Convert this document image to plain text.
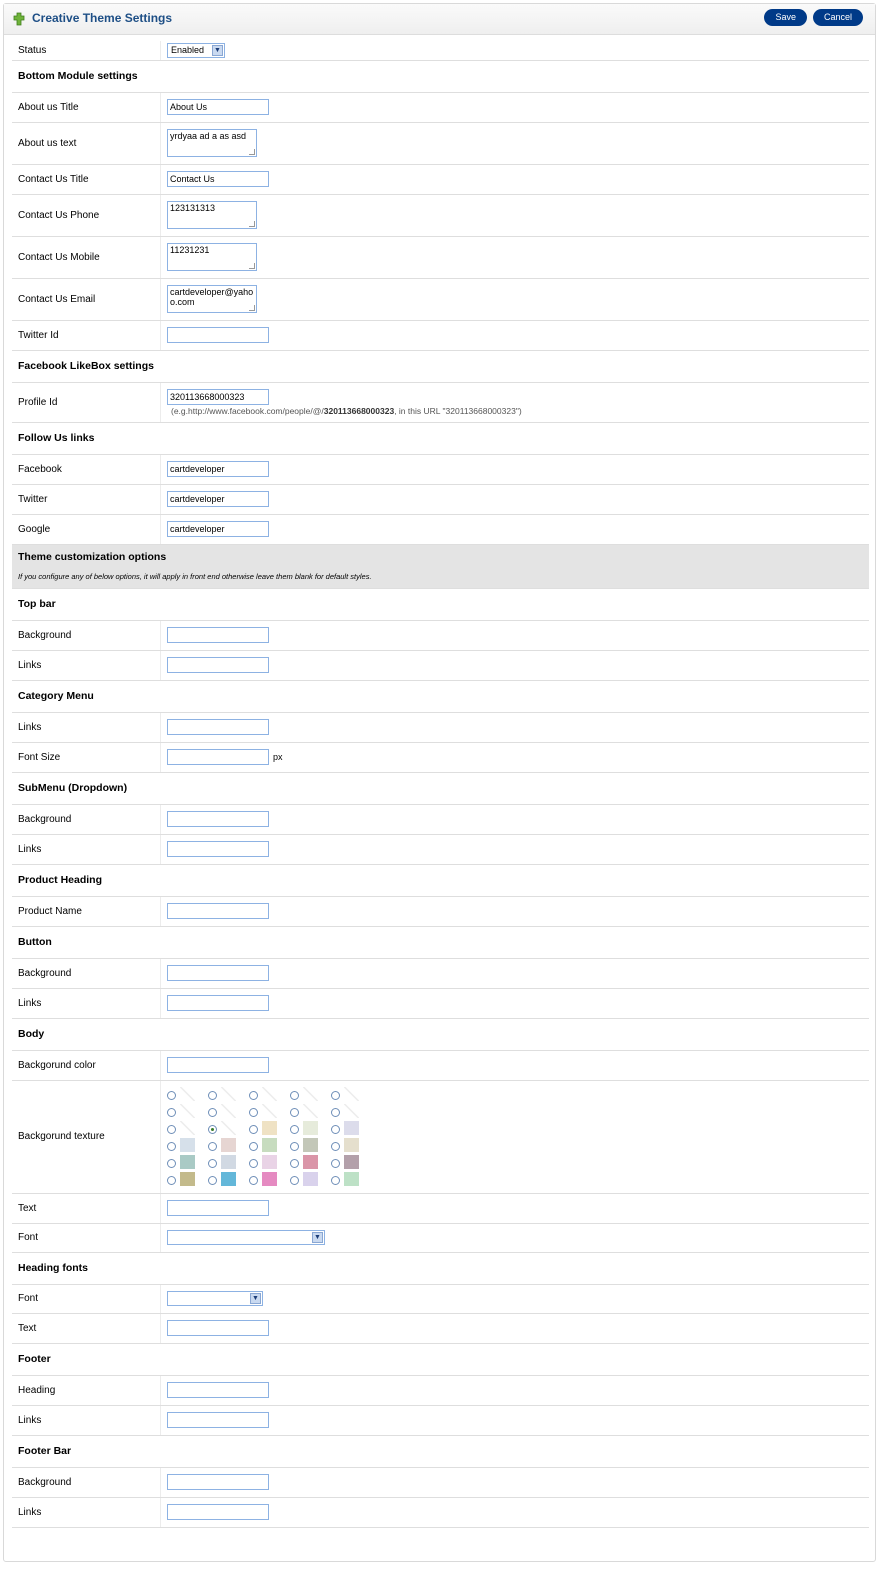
Creative Theme Settings	Save	Cancel
Status	Enabled ▼

Bottom Module settings	
About us Title	About Us
About us text	yrdyaa ad a as asd
Contact Us Title	Contact Us
Contact Us Phone	123131313
Contact Us Mobile	11231231
Contact Us Email	cartdeveloper@yahoo.com
Twitter Id	
Facebook LikeBox settings	
Profile Id	320113668000323
(e.g.http://www.facebook.com/people/@/320113668000323, in this URL "320113668000323")

Follow Us links	
Facebook	cartdeveloper
Twitter	cartdeveloper
Google	cartdeveloper
Theme customization options
If you configure any of below options, it will apply in front end otherwise leave them blank for default styles.	

Top bar	
Background	
Links	
Category Menu	
Links	
Font Size	px
SubMenu (Dropdown)	
Background	
Links	
Product Heading	
Product Name	
Button	
Background	
Links	
Body	
Backgorund color	
Backgorund texture	

Text	
Font	▼

Heading fonts	
Font	▼

Text	
Footer	
Heading	
Links	
Footer Bar	
Background	
Links	
